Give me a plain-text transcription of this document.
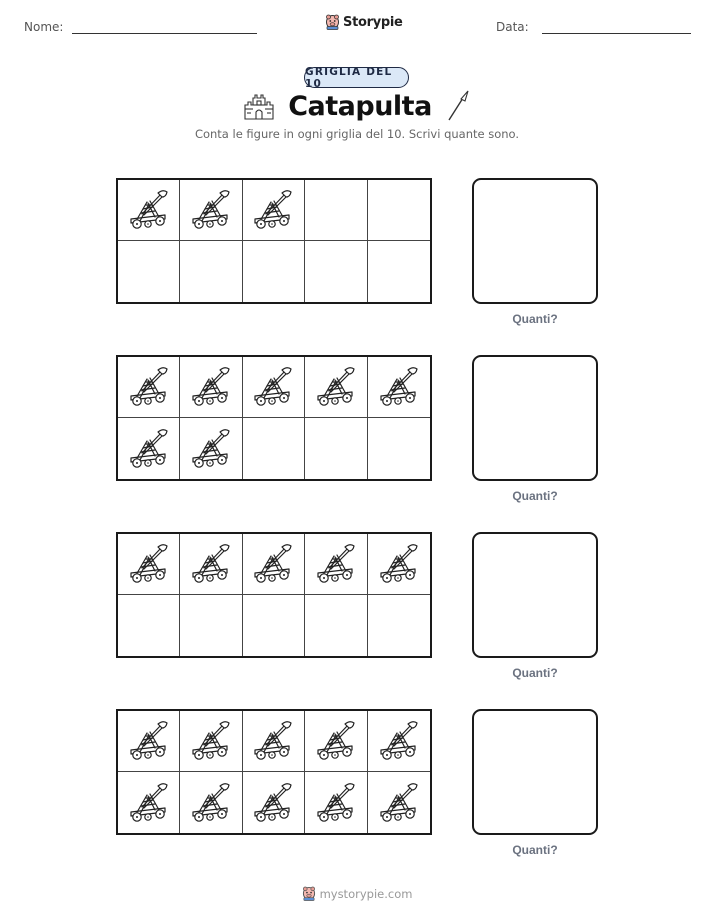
Nome:	Storypie	Data:
GRIGLIA DEL 10
Catapulta
Conta le figure in ogni griglia del 10. Scrivi quante sono.
Quanti?
Quanti?
Quanti?
Quanti?
mystorypie.com
